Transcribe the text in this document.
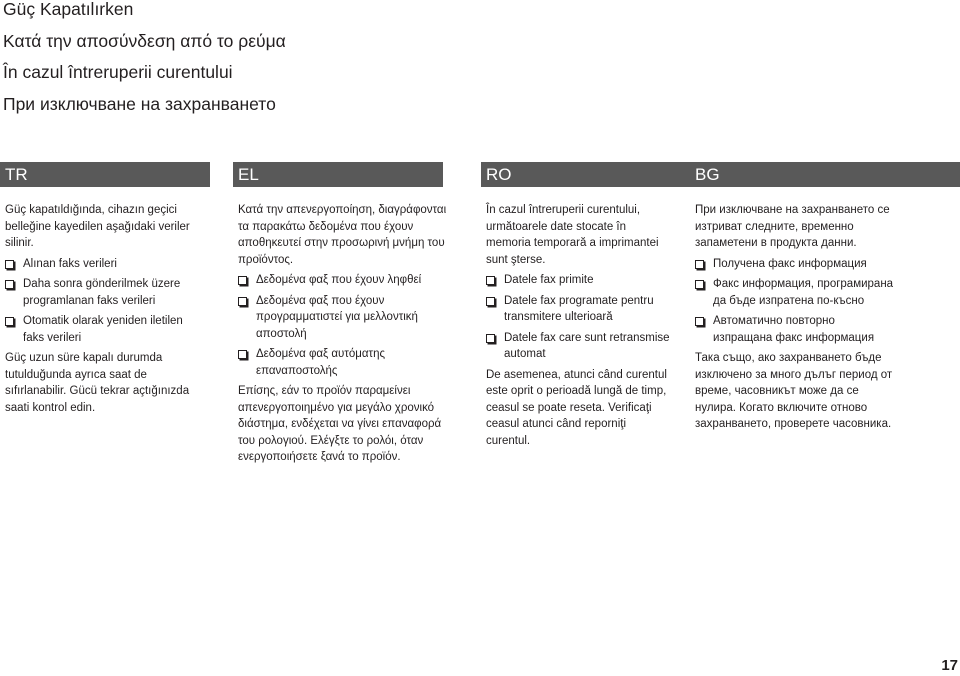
Güç Kapatılırken
Κατά την αποσύνδεση από το ρεύμα
În cazul întreruperii curentului
При изключване на захранването
TR

Güç kapatıldığında, cihazın geçici belleğine kayedilen aşağıdaki veriler silinir.

Alınan faks verileri
Daha sonra gönderilmek üzere programlanan faks verileri
Otomatik olarak yeniden iletilen faks verileri

Güç uzun süre kapalı durumda tutulduğunda ayrıca saat de sıfırlanabilir. Gücü tekrar açtığınızda saati kontrol edin.

EL

Κατά την απενεργοποίηση, διαγράφονται τα παρακάτω δεδομένα που έχουν αποθηκευτεί στην προσωρινή μνήμη του προϊόντος.

Δεδομένα φαξ που έχουν ληφθεί
Δεδομένα φαξ που έχουν προγραμματιστεί για μελλοντική αποστολή
Δεδομένα φαξ αυτόματης επαναποστολής

Επίσης, εάν το προϊόν παραμείνει απενεργοποιημένο για μεγάλο χρονικό διάστημα, ενδέχεται να γίνει επαναφορά του ρολογιού. Ελέγξτε το ρολόι, όταν ενεργοποιήσετε ξανά το προϊόν.

RO

În cazul întreruperii curentului, următoarele date stocate în memoria temporară a imprimantei sunt şterse.

Datele fax primite
Datele fax programate pentru transmitere ulterioară
Datele fax care sunt retransmise automat

De asemenea, atunci când curentul este oprit o perioadă lungă de timp, ceasul se poate reseta. Verificaţi ceasul atunci când reporniţi curentul.

BG

При изключване на захранването се изтриват следните, временно запаметени в продукта данни.

Получена факс информация
Факс информация, програмирана да бъде изпратена по-късно
Автоматично повторно изпращана факс информация

Така също, ако захранването бъде изключено за много дълъг период от време, часовникът може да се нулира. Когато включите отново захранването, проверете часовника.

17
